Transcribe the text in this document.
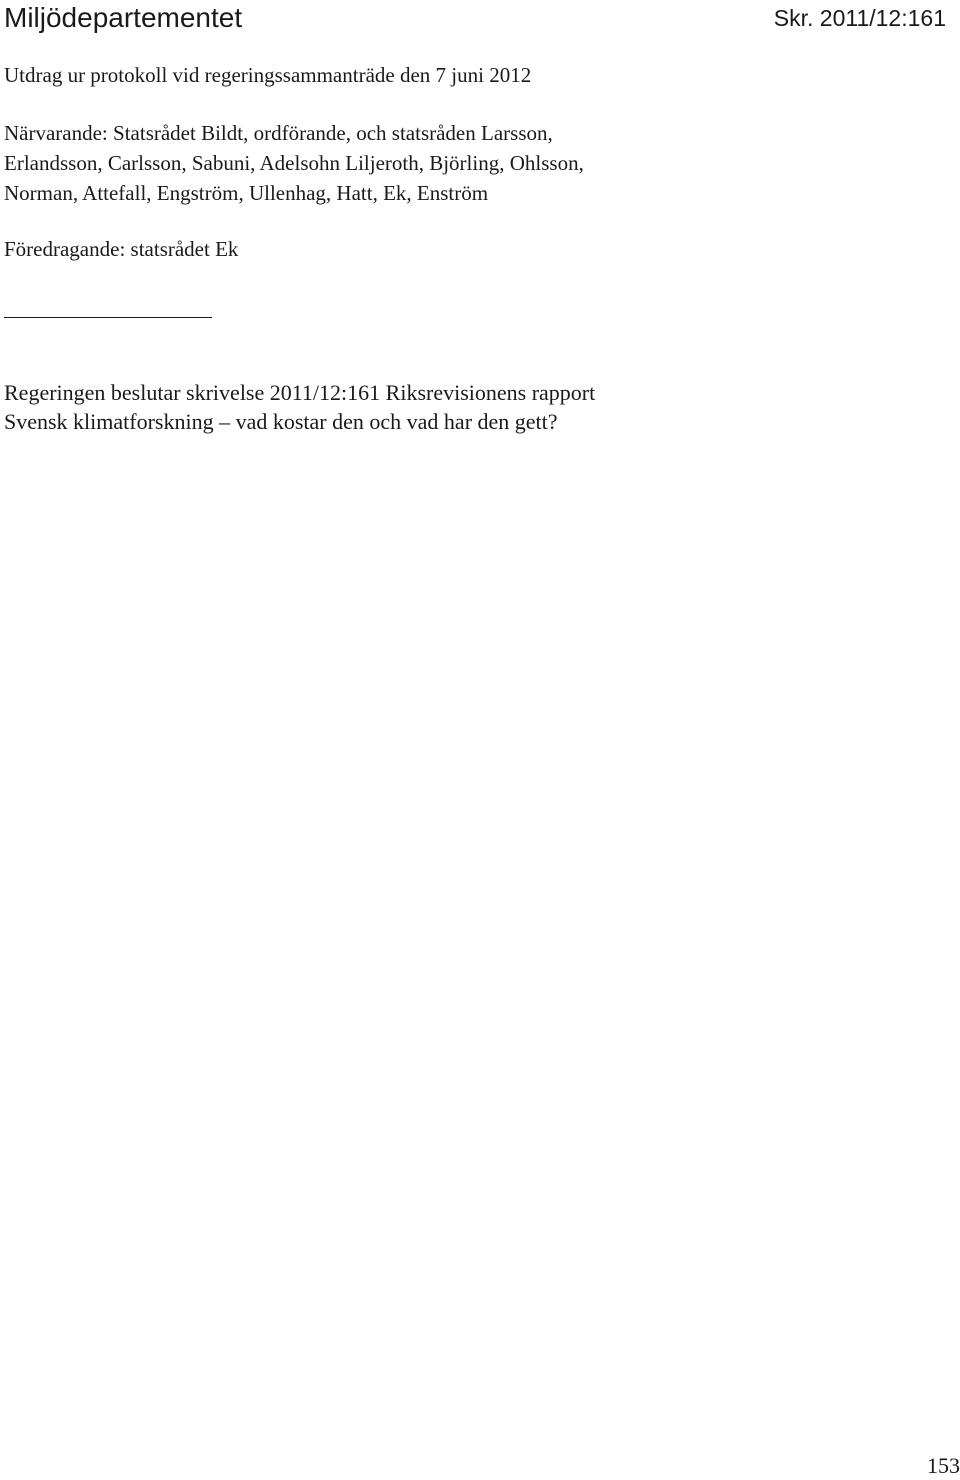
Miljödepartementet	Skr. 2011/12:161
Utdrag ur protokoll vid regeringssammanträde den 7 juni 2012
Närvarande: Statsrådet Bildt, ordförande, och statsråden Larsson,
Erlandsson, Carlsson, Sabuni, Adelsohn Liljeroth, Björling, Ohlsson,
Norman, Attefall, Engström, Ullenhag, Hatt, Ek, Enström
Föredragande: statsrådet Ek
Regeringen beslutar skrivelse 2011/12:161 Riksrevisionens rapport
Svensk klimatforskning – vad kostar den och vad har den gett?
153
